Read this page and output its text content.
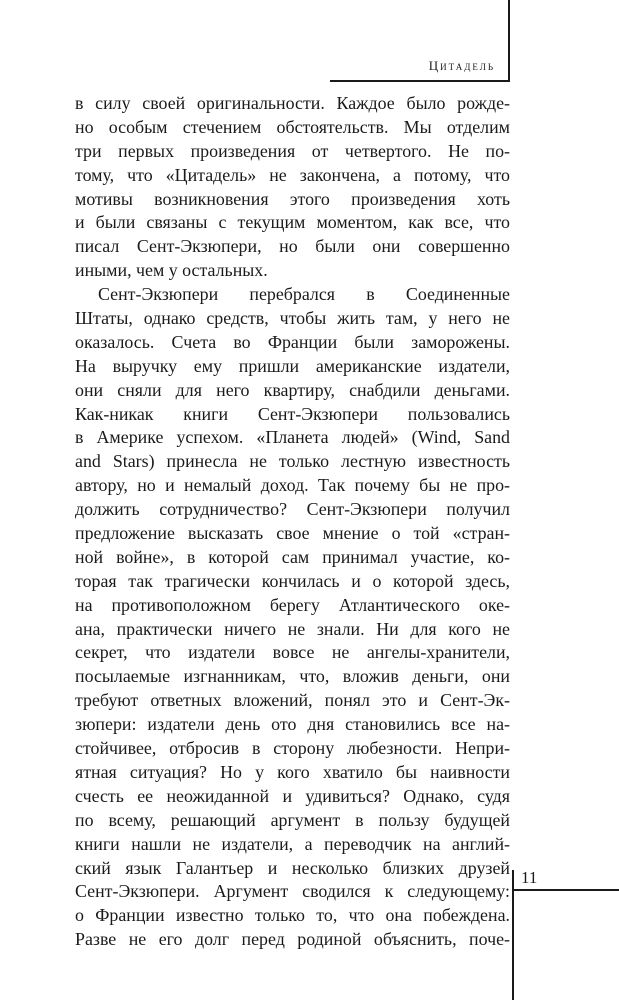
Цитадель
в силу своей оригинальности. Каждое было рожде-
но особым стечением обстоятельств. Мы отделим
три первых произведения от четвертого. Не по-
тому, что «Цитадель» не закончена, а потому, что
мотивы возникновения этого произведения хоть
и были связаны с текущим моментом, как все, что
писал Сент-Экзюпери, но были они совершенно
иными, чем у остальных.
Сент-Экзюпери перебрался в Соединенные
Штаты, однако средств, чтобы жить там, у него не
оказалось. Счета во Франции были заморожены.
На выручку ему пришли американские издатели,
они сняли для него квартиру, снабдили деньгами.
Как-никак книги Сент-Экзюпери пользовались
в Америке успехом. «Планета людей» (Wind, Sand
and Stars) принесла не только лестную известность
автору, но и немалый доход. Так почему бы не про-
должить сотрудничество? Сент-Экзюпери получил
предложение высказать свое мнение о той «стран-
ной войне», в которой сам принимал участие, ко-
торая так трагически кончилась и о которой здесь,
на противоположном берегу Атлантического оке-
ана, практически ничего не знали. Ни для кого не
секрет, что издатели вовсе не ангелы-хранители,
посылаемые изгнанникам, что, вложив деньги, они
требуют ответных вложений, понял это и Сент-Эк-
зюпери: издатели день ото дня становились все на-
стойчивее, отбросив в сторону любезности. Непри-
ятная ситуация? Но у кого хватило бы наивности
счесть ее неожиданной и удивиться? Однако, судя
по всему, решающий аргумент в пользу будущей
книги нашли не издатели, а переводчик на англий-
ский язык Галантьер и несколько близких друзей
Сент-Экзюпери. Аргумент сводился к следующему:
о Франции известно только то, что она побеждена.
Разве не его долг перед родиной объяснить, поче-
11
